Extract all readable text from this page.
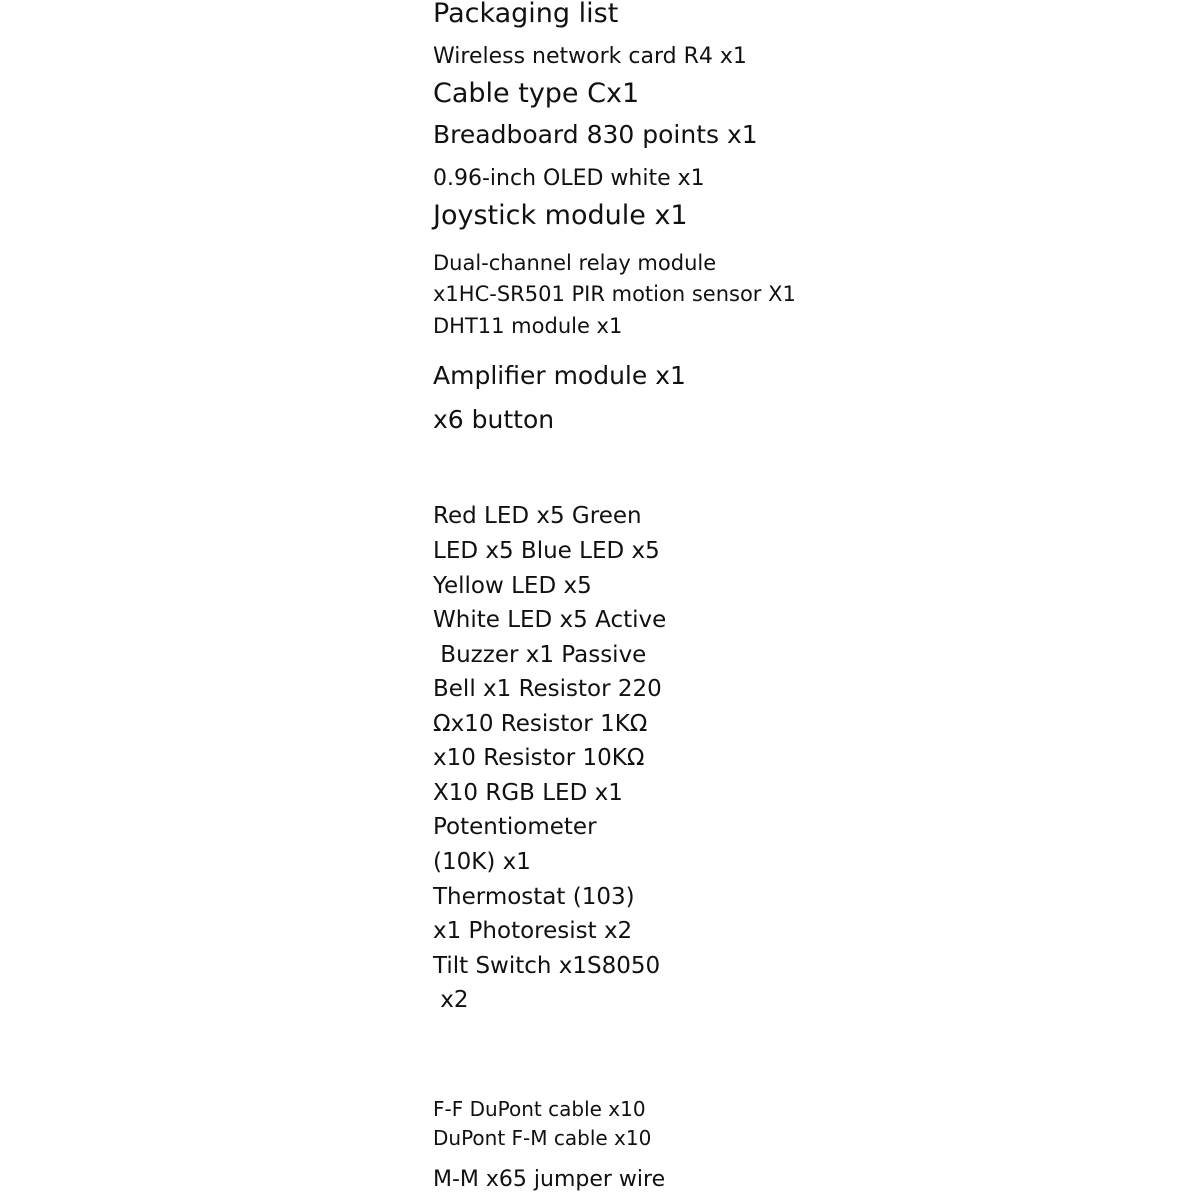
Packaging list
Wireless network card R4 x1
Cable type Cx1
Breadboard 830 points x1
0.96-inch OLED white x1
Joystick module x1
Dual-channel relay module
x1HC-SR501 PIR motion sensor X1
DHT11 module x1
Amplifier module x1
x6 button
Red LED x5 Green
LED x5 Blue LED x5
Yellow LED x5
White LED x5 Active
Buzzer x1 Passive
Bell x1 Resistor 220
Ωx10 Resistor 1KΩ
x10 Resistor 10KΩ
X10 RGB LED x1
Potentiometer
(10K) x1
Thermostat (103)
x1 Photoresist x2
Tilt Switch x1S8050
x2
F-F DuPont cable x10
DuPont F-M cable x10
M-M x65 jumper wire
